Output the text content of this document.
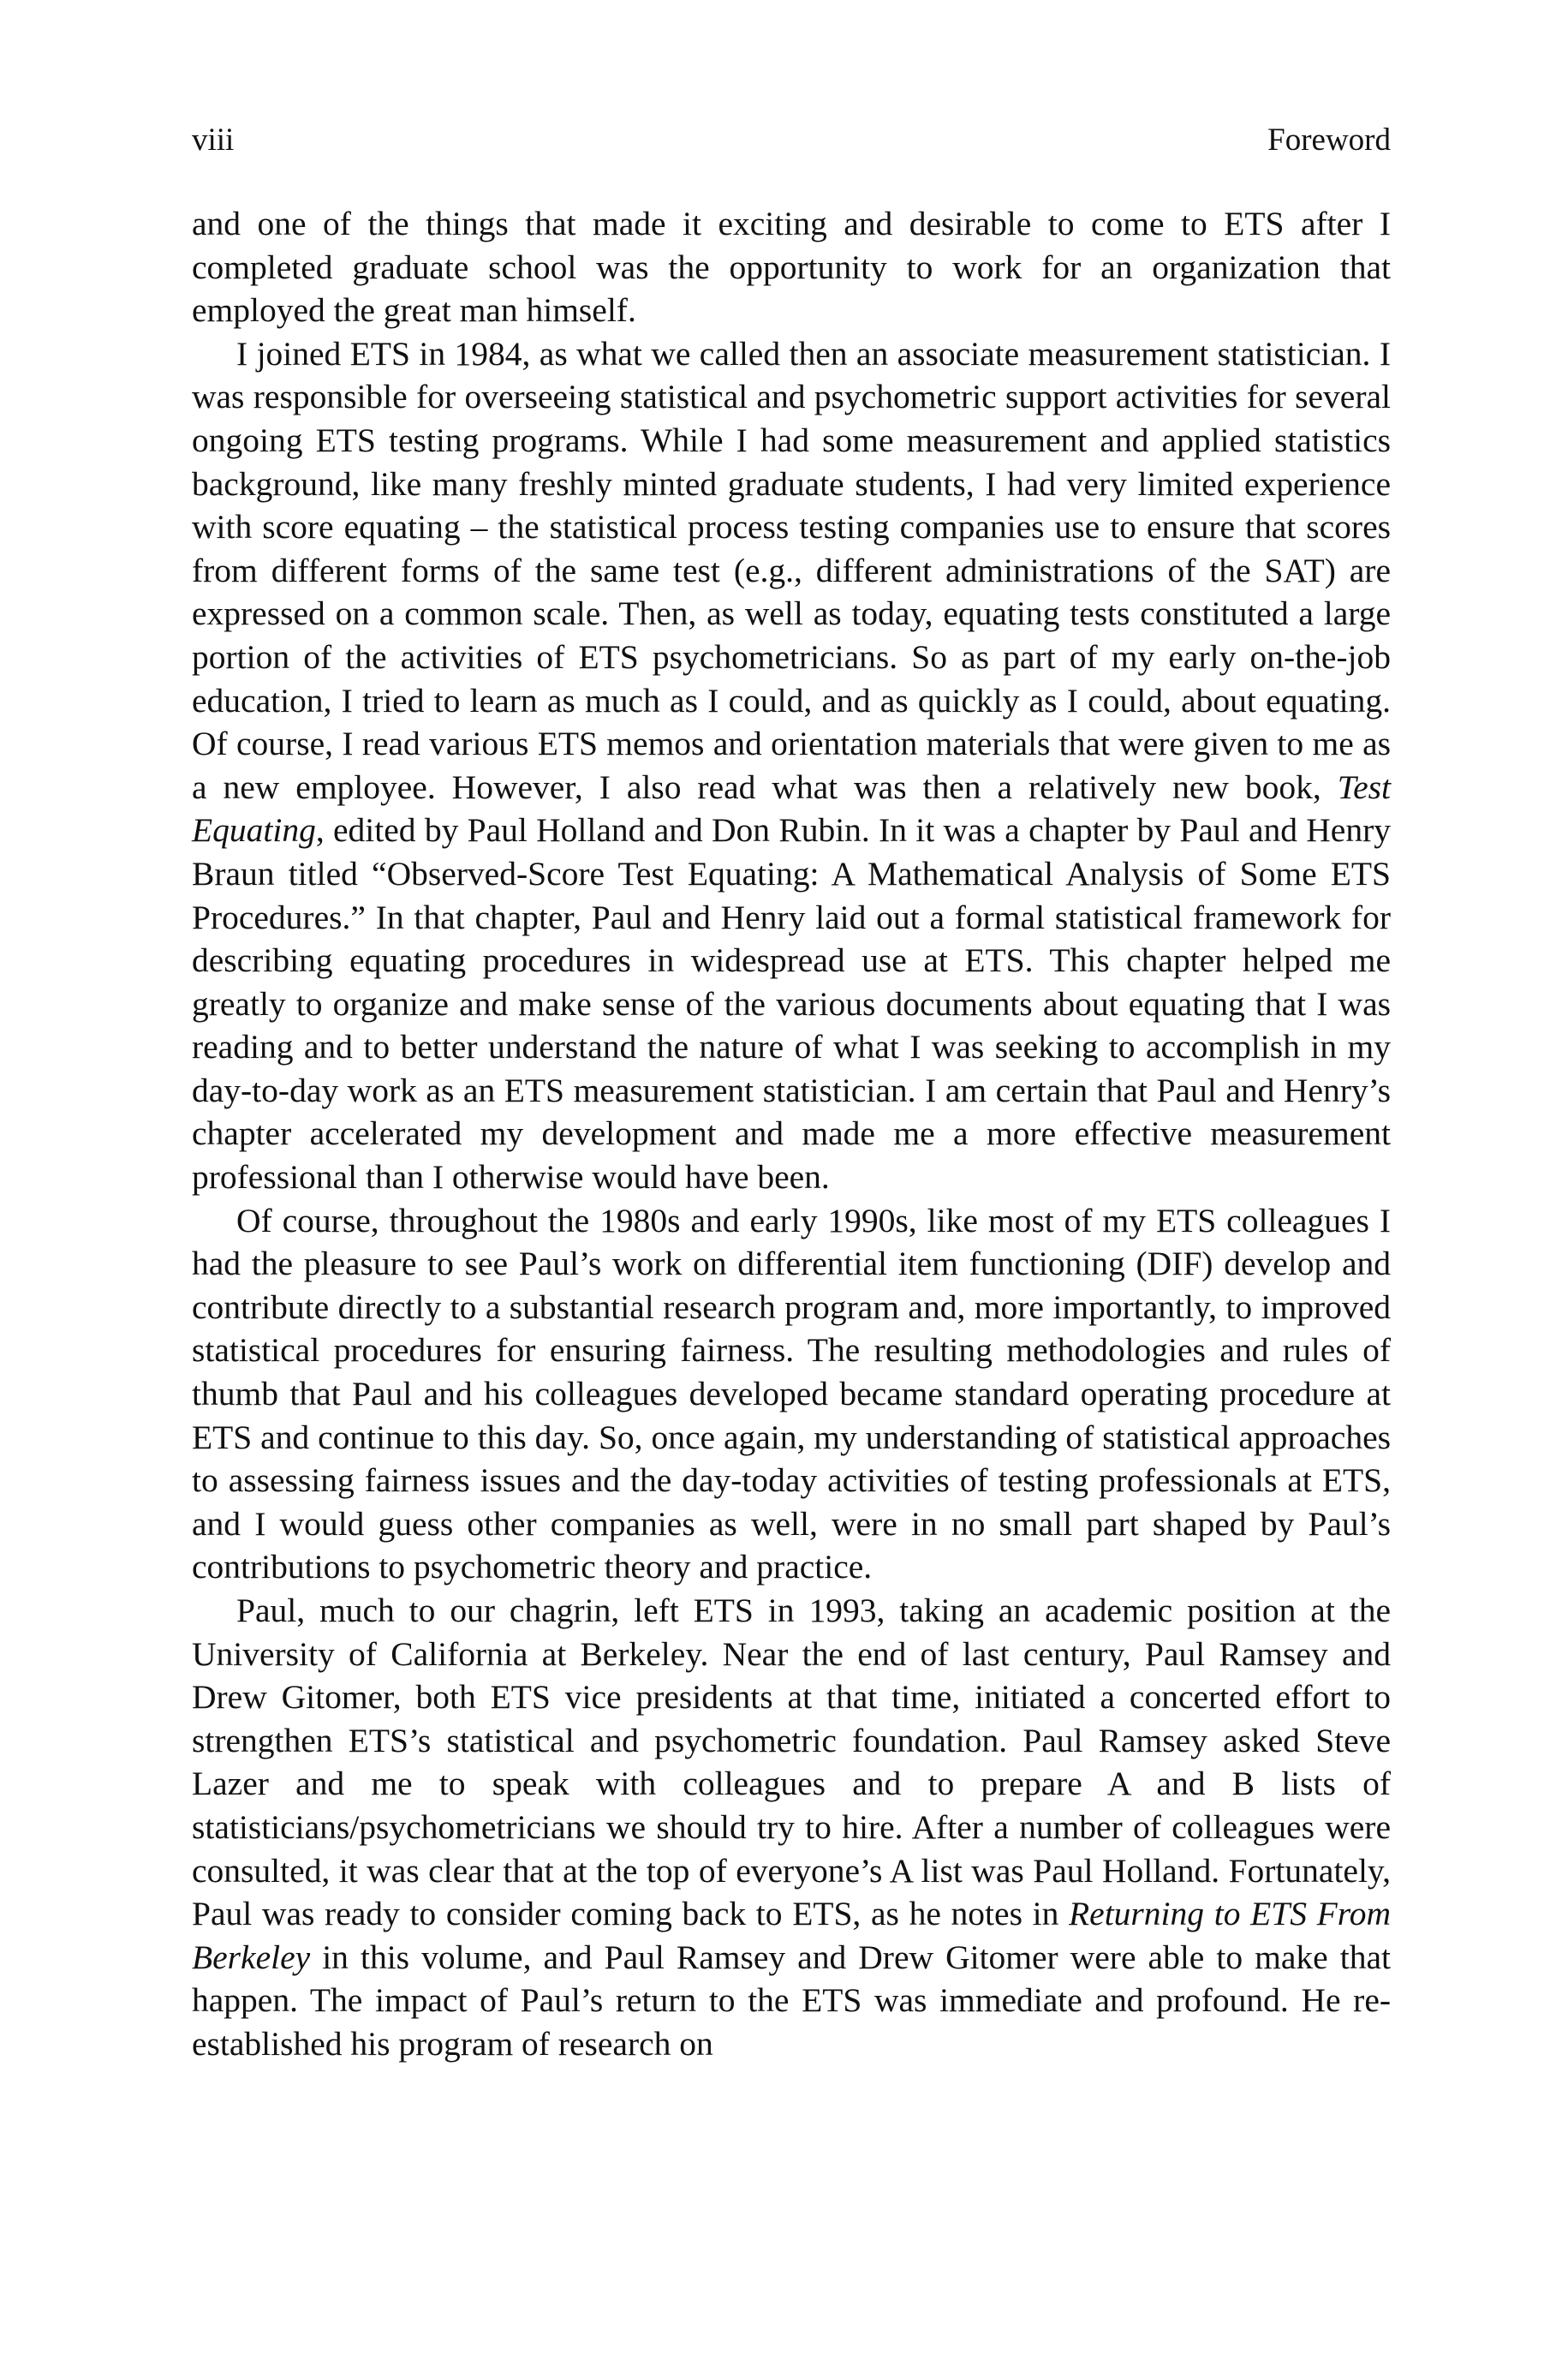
viii	Foreword

and one of the things that made it exciting and desirable to come to ETS after I completed graduate school was the opportunity to work for an organization that employed the great man himself.

I joined ETS in 1984, as what we called then an associate measurement statistician. I was responsible for overseeing statistical and psychometric support activities for several ongoing ETS testing programs. While I had some measurement and applied statistics background, like many freshly minted graduate students, I had very limited experience with score equating – the statistical process testing companies use to ensure that scores from different forms of the same test (e.g., different administrations of the SAT) are expressed on a common scale. Then, as well as today, equating tests constituted a large portion of the activities of ETS psychometricians. So as part of my early on-the-job education, I tried to learn as much as I could, and as quickly as I could, about equating. Of course, I read various ETS memos and orientation materials that were given to me as a new employee. However, I also read what was then a relatively new book, Test Equating, edited by Paul Holland and Don Rubin. In it was a chapter by Paul and Henry Braun titled “Observed-Score Test Equating: A Mathematical Analysis of Some ETS Procedures.” In that chapter, Paul and Henry laid out a formal statistical framework for describing equating procedures in widespread use at ETS. This chapter helped me greatly to organize and make sense of the various documents about equating that I was reading and to better understand the nature of what I was seeking to accomplish in my day-to-day work as an ETS measurement statistician. I am certain that Paul and Henry’s chapter accelerated my development and made me a more effective measurement professional than I otherwise would have been.

Of course, throughout the 1980s and early 1990s, like most of my ETS colleagues I had the pleasure to see Paul’s work on differential item functioning (DIF) develop and contribute directly to a substantial research program and, more importantly, to improved statistical procedures for ensuring fairness. The resulting methodologies and rules of thumb that Paul and his colleagues developed became standard operating procedure at ETS and continue to this day. So, once again, my understanding of statistical approaches to assessing fairness issues and the day-today activities of testing professionals at ETS, and I would guess other companies as well, were in no small part shaped by Paul’s contributions to psychometric theory and practice.

Paul, much to our chagrin, left ETS in 1993, taking an academic position at the University of California at Berkeley. Near the end of last century, Paul Ramsey and Drew Gitomer, both ETS vice presidents at that time, initiated a concerted effort to strengthen ETS’s statistical and psychometric foundation. Paul Ramsey asked Steve Lazer and me to speak with colleagues and to prepare A and B lists of statisticians/psychometricians we should try to hire. After a number of colleagues were consulted, it was clear that at the top of everyone’s A list was Paul Holland. Fortunately, Paul was ready to consider coming back to ETS, as he notes in Returning to ETS From Berkeley in this volume, and Paul Ramsey and Drew Gitomer were able to make that happen. The impact of Paul’s return to the ETS was immediate and profound. He re-established his program of research on
